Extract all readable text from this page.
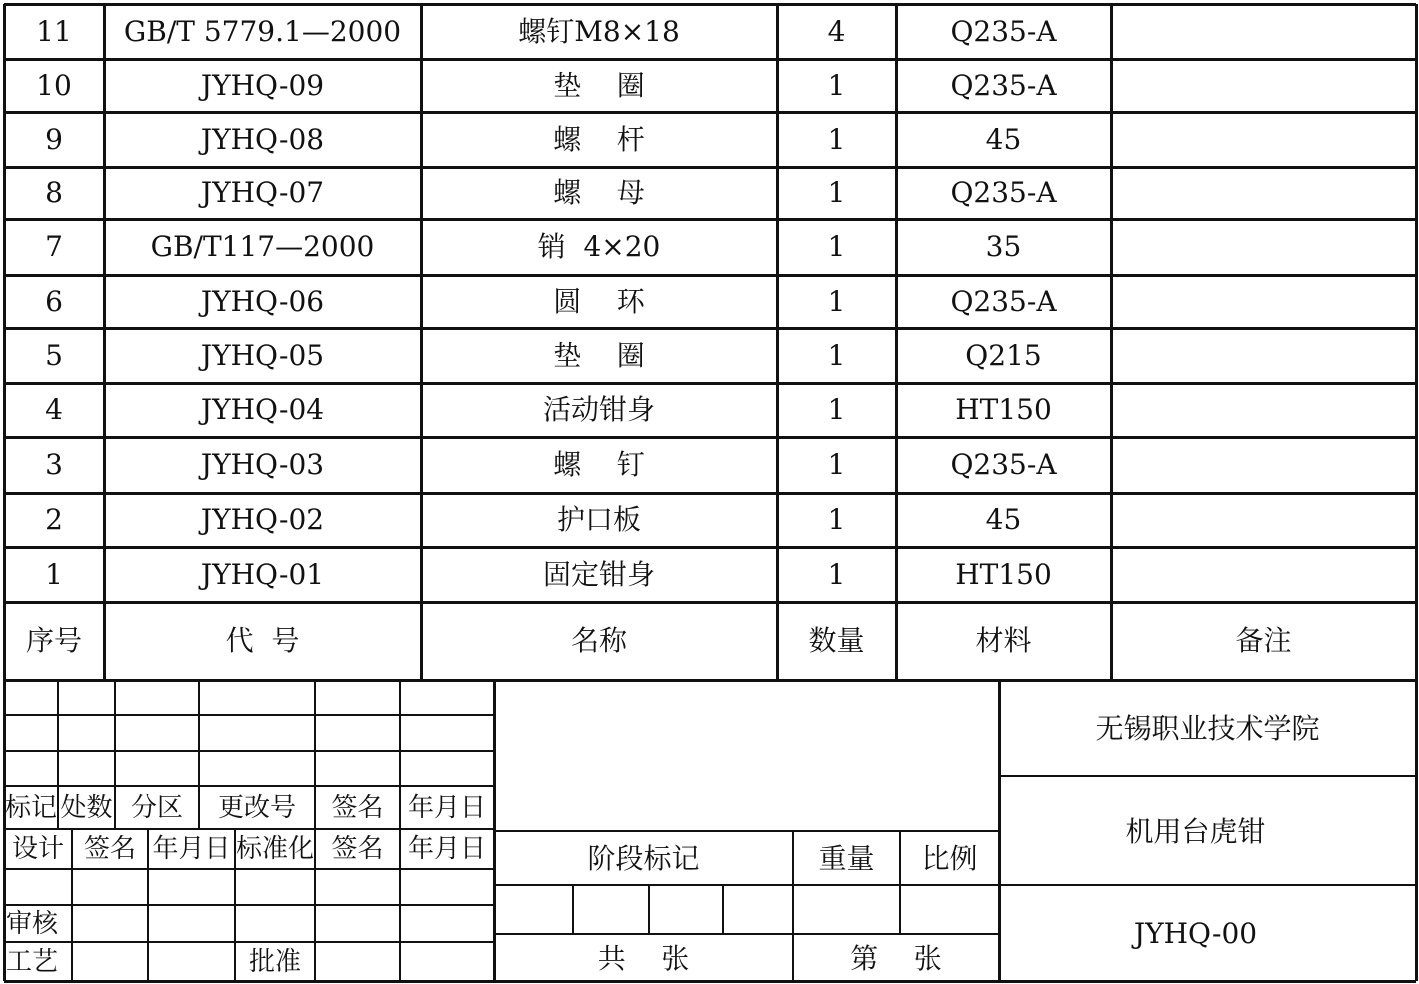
11	GB/T 5779.1—2000	螺钉M8×18	4	Q235-A
10	JYHQ-09	垫    圈	1	Q235-A
9	JYHQ-08	螺    杆	1	45
8	JYHQ-07	螺    母	1	Q235-A
7	GB/T117—2000	销  4×20	1	35
6	JYHQ-06	圆    环	1	Q235-A
5	JYHQ-05	垫    圈	1	Q215
4	JYHQ-04	活动钳身	1	HT150
3	JYHQ-03	螺    钉	1	Q235-A
2	JYHQ-02	护口板	1	45
1	JYHQ-01	固定钳身	1	HT150
序号	代  号	名称	数量	材料	备注
标记 处数 分区	更改号	签名 年月日
设计 签名 年月日 标准化 签名 年月日
审核
工艺	批准
阶段标记	重量	比例
共    张	第    张
无锡职业技术学院
机用台虎钳
JYHQ-00
